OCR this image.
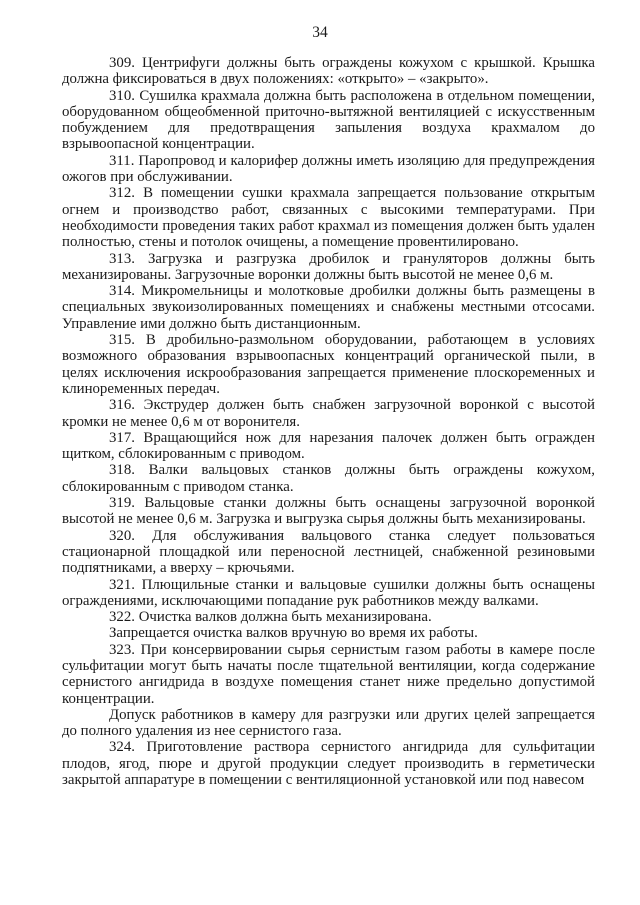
34

309. Центрифуги должны быть ограждены кожухом с крышкой. Крышка должна фиксироваться в двух положениях: «открыто» – «закрыто».

310. Сушилка крахмала должна быть расположена в отдельном помещении, оборудованном общеобменной приточно-вытяжной вентиляцией с искусственным побуждением для предотвращения запыления воздуха крахмалом до взрывоопасной концентрации.

311. Паропровод и калорифер должны иметь изоляцию для предупреждения ожогов при обслуживании.

312. В помещении сушки крахмала запрещается пользование открытым огнем и производство работ, связанных с высокими температурами. При необходимости проведения таких работ крахмал из помещения должен быть удален полностью, стены и потолок очищены, а помещение провентилировано.

313. Загрузка и разгрузка дробилок и грануляторов должны быть механизированы. Загрузочные воронки должны быть высотой не менее 0,6 м.

314. Микромельницы и молотковые дробилки должны быть размещены в специальных звукоизолированных помещениях и снабжены местными отсосами. Управление ими должно быть дистанционным.

315. В дробильно-размольном оборудовании, работающем в условиях возможного образования взрывоопасных концентраций органической пыли, в целях исключения искрообразования запрещается применение плоскоременных и клиноременных передач.

316. Экструдер должен быть снабжен загрузочной воронкой с высотой кромки не менее 0,6 м от воронителя.

317. Вращающийся нож для нарезания палочек должен быть огражден щитком, сблокированным с приводом.

318. Валки вальцовых станков должны быть ограждены кожухом, сблокированным с приводом станка.

319. Вальцовые станки должны быть оснащены загрузочной воронкой высотой не менее 0,6 м. Загрузка и выгрузка сырья должны быть механизированы.

320. Для обслуживания вальцового станка следует пользоваться стационарной площадкой или переносной лестницей, снабженной резиновыми подпятниками, а вверху – крючьями.

321. Плющильные станки и вальцовые сушилки должны быть оснащены ограждениями, исключающими попадание рук работников между валками.

322. Очистка валков должна быть механизирована.

Запрещается очистка валков вручную во время их работы.

323. При консервировании сырья сернистым газом работы в камере после сульфитации могут быть начаты после тщательной вентиляции, когда содержание сернистого ангидрида в воздухе помещения станет ниже предельно допустимой концентрации.

Допуск работников в камеру для разгрузки или других целей запрещается до полного удаления из нее сернистого газа.

324. Приготовление раствора сернистого ангидрида для сульфитации плодов, ягод, пюре и другой продукции следует производить в герметически закрытой аппаратуре в помещении с вентиляционной установкой или под навесом
